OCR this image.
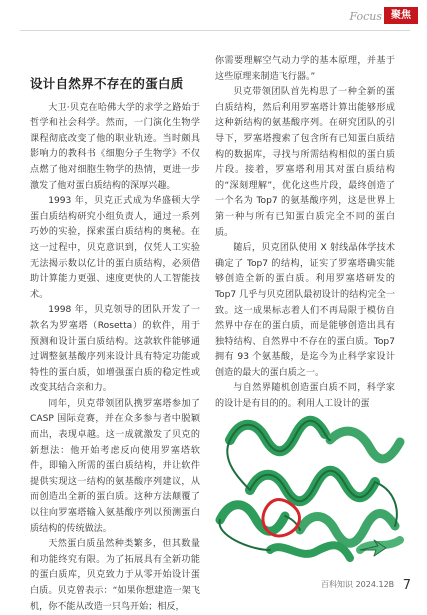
Focus 聚焦
设计自然界不存在的蛋白质

大卫·贝克在哈佛大学的求学之路始于哲学和社会科学。然而，一门演化生物学课程彻底改变了他的职业轨迹。当时颇具影响力的教科书《细胞分子生物学》不仅点燃了他对细胞生物学的热情，更进一步激发了他对蛋白质结构的深厚兴趣。

1993 年，贝克正式成为华盛顿大学蛋白质结构研究小组负责人，通过一系列巧妙的实验，探索蛋白质结构的奥秘。在这一过程中，贝克意识到，仅凭人工实验无法揭示数以亿计的蛋白质结构，必须借助计算能力更强、速度更快的人工智能技术。

1998 年，贝克领导的团队开发了一款名为罗塞塔（Rosetta）的软件，用于预测和设计蛋白质结构。这款软件能够通过调整氨基酸序列来设计具有特定功能或特性的蛋白质，如增强蛋白质的稳定性或改变其结合亲和力。

同年，贝克带领团队携罗塞塔参加了 CASP 国际竞赛，并在众多参与者中脱颖而出，表现卓越。这一成就激发了贝克的新想法：他开始考虑反向使用罗塞塔软件，即输入所需的蛋白质结构，并让软件提供实现这一结构的氨基酸序列建议，从而创造出全新的蛋白质。这种方法颠覆了以往向罗塞塔输入氨基酸序列以预测蛋白质结构的传统做法。

天然蛋白质虽然种类繁多，但其数量和功能终究有限。为了拓展具有全新功能的蛋白质库，贝克致力于从零开始设计蛋白质。贝克曾表示：“如果你想建造一架飞机，你不能从改造一只鸟开始；相反，

你需要理解空气动力学的基本原理，并基于这些原理来制造飞行器。”

贝克带领团队首先构思了一种全新的蛋白质结构，然后利用罗塞塔计算出能够形成这种新结构的氨基酸序列。在研究团队的引导下，罗塞塔搜索了包含所有已知蛋白质结构的数据库，寻找与所需结构相似的蛋白质片段。接着，罗塞塔利用其对蛋白质结构的“深刻理解”，优化这些片段，最终创造了一个名为 Top7 的氨基酸序列，这是世界上第一种与所有已知蛋白质完全不同的蛋白质。

随后，贝克团队使用 X 射线晶体学技术确定了 Top7 的结构，证实了罗塞塔确实能够创造全新的蛋白质。利用罗塞塔研发的 Top7 几乎与贝克团队最初设计的结构完全一致。这一成果标志着人们不再局限于模仿自然界中存在的蛋白质，而是能够创造出具有独特结构、自然界中不存在的蛋白质。Top7 拥有 93 个氨基酸，是迄今为止科学家设计创造的最大的蛋白质之一。

与自然界随机创造蛋白质不同，科学家的设计是有目的的。利用人工设计的蛋

百科知识 2024.12B 7
